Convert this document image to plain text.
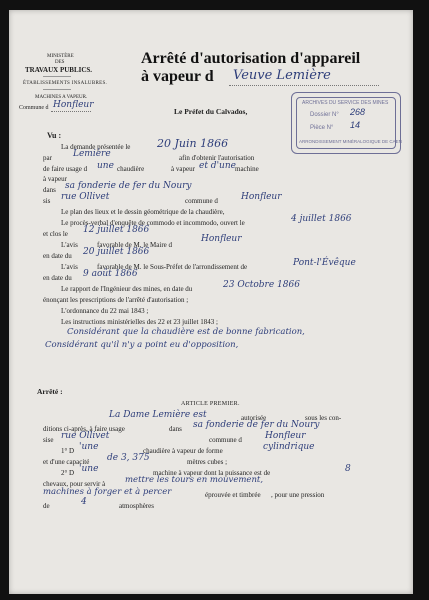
MINISTÈRE
DES
TRAVAUX PUBLICS.
ÉTABLISSEMENTS INSALUBRES.
MACHINES A VAPEUR.
Commune d Honfleur
Arrêté d'autorisation d'appareil
à vapeur d Veuve Lemière
ARCHIVES DU SERVICE DES MINES
Dossier N° 268
Pièce N° 14
ARRONDISSEMENT MINÉRALOGIQUE DE CAEN
Le Préfet du Calvados,
Vu :
La demande présentée le 20 Juin 1866
par Lemière	afin d'obtenir l'autorisation
de faire usage d une chaudière	à vapeur et d'une machine
à vapeur
dans sa fonderie de fer du Noury
sis rue Ollivet	commune d	Honfleur
Le plan des lieux et le dessin géométrique de la chaudière,
Le procès-verbal d'enquête de commodo et incommodo, ouvert le	4 juillet 1866
et clos le 12 juillet 1866
L'avis	favorable de M. le Maire d
Honfleur
en date du 20 juillet 1866
L'avis	favorable de M. le Sous-Préfet de l'arrondissement de	Pont-l'Évêque
en date du 9 août 1866
Le rapport de l'Ingénieur des mines, en date du	23 Octobre 1866
énonçant les prescriptions de l'arrêté d'autorisation ;
L'ordonnance du 22 mai 1843 ;
Les instructions ministérielles des 22 et 23 juillet 1843 ;
Considérant que la chaudière est de bonne fabrication,
Considérant qu'il n'y a point eu d'opposition,
Arrêté :
ARTICLE PREMIER.
La Dame Lemière est	autorisée	sous les con-
ditions ci-après, à faire usage	dans sa fonderie de fer du Noury
sise rue Ollivet	commune d	Honfleur
1° D 'une	chaudière à vapeur de forme	cylindrique
et d'une capacité de 3, 375	mètres cubes ;
2° D 'une	machine à vapeur dont la puissance est de	8
chevaux, pour servir à mettre les tours en mouvement,
machines à forger et à percer	éprouvée et timbrée , pour une pression
de	4	atmosphères
